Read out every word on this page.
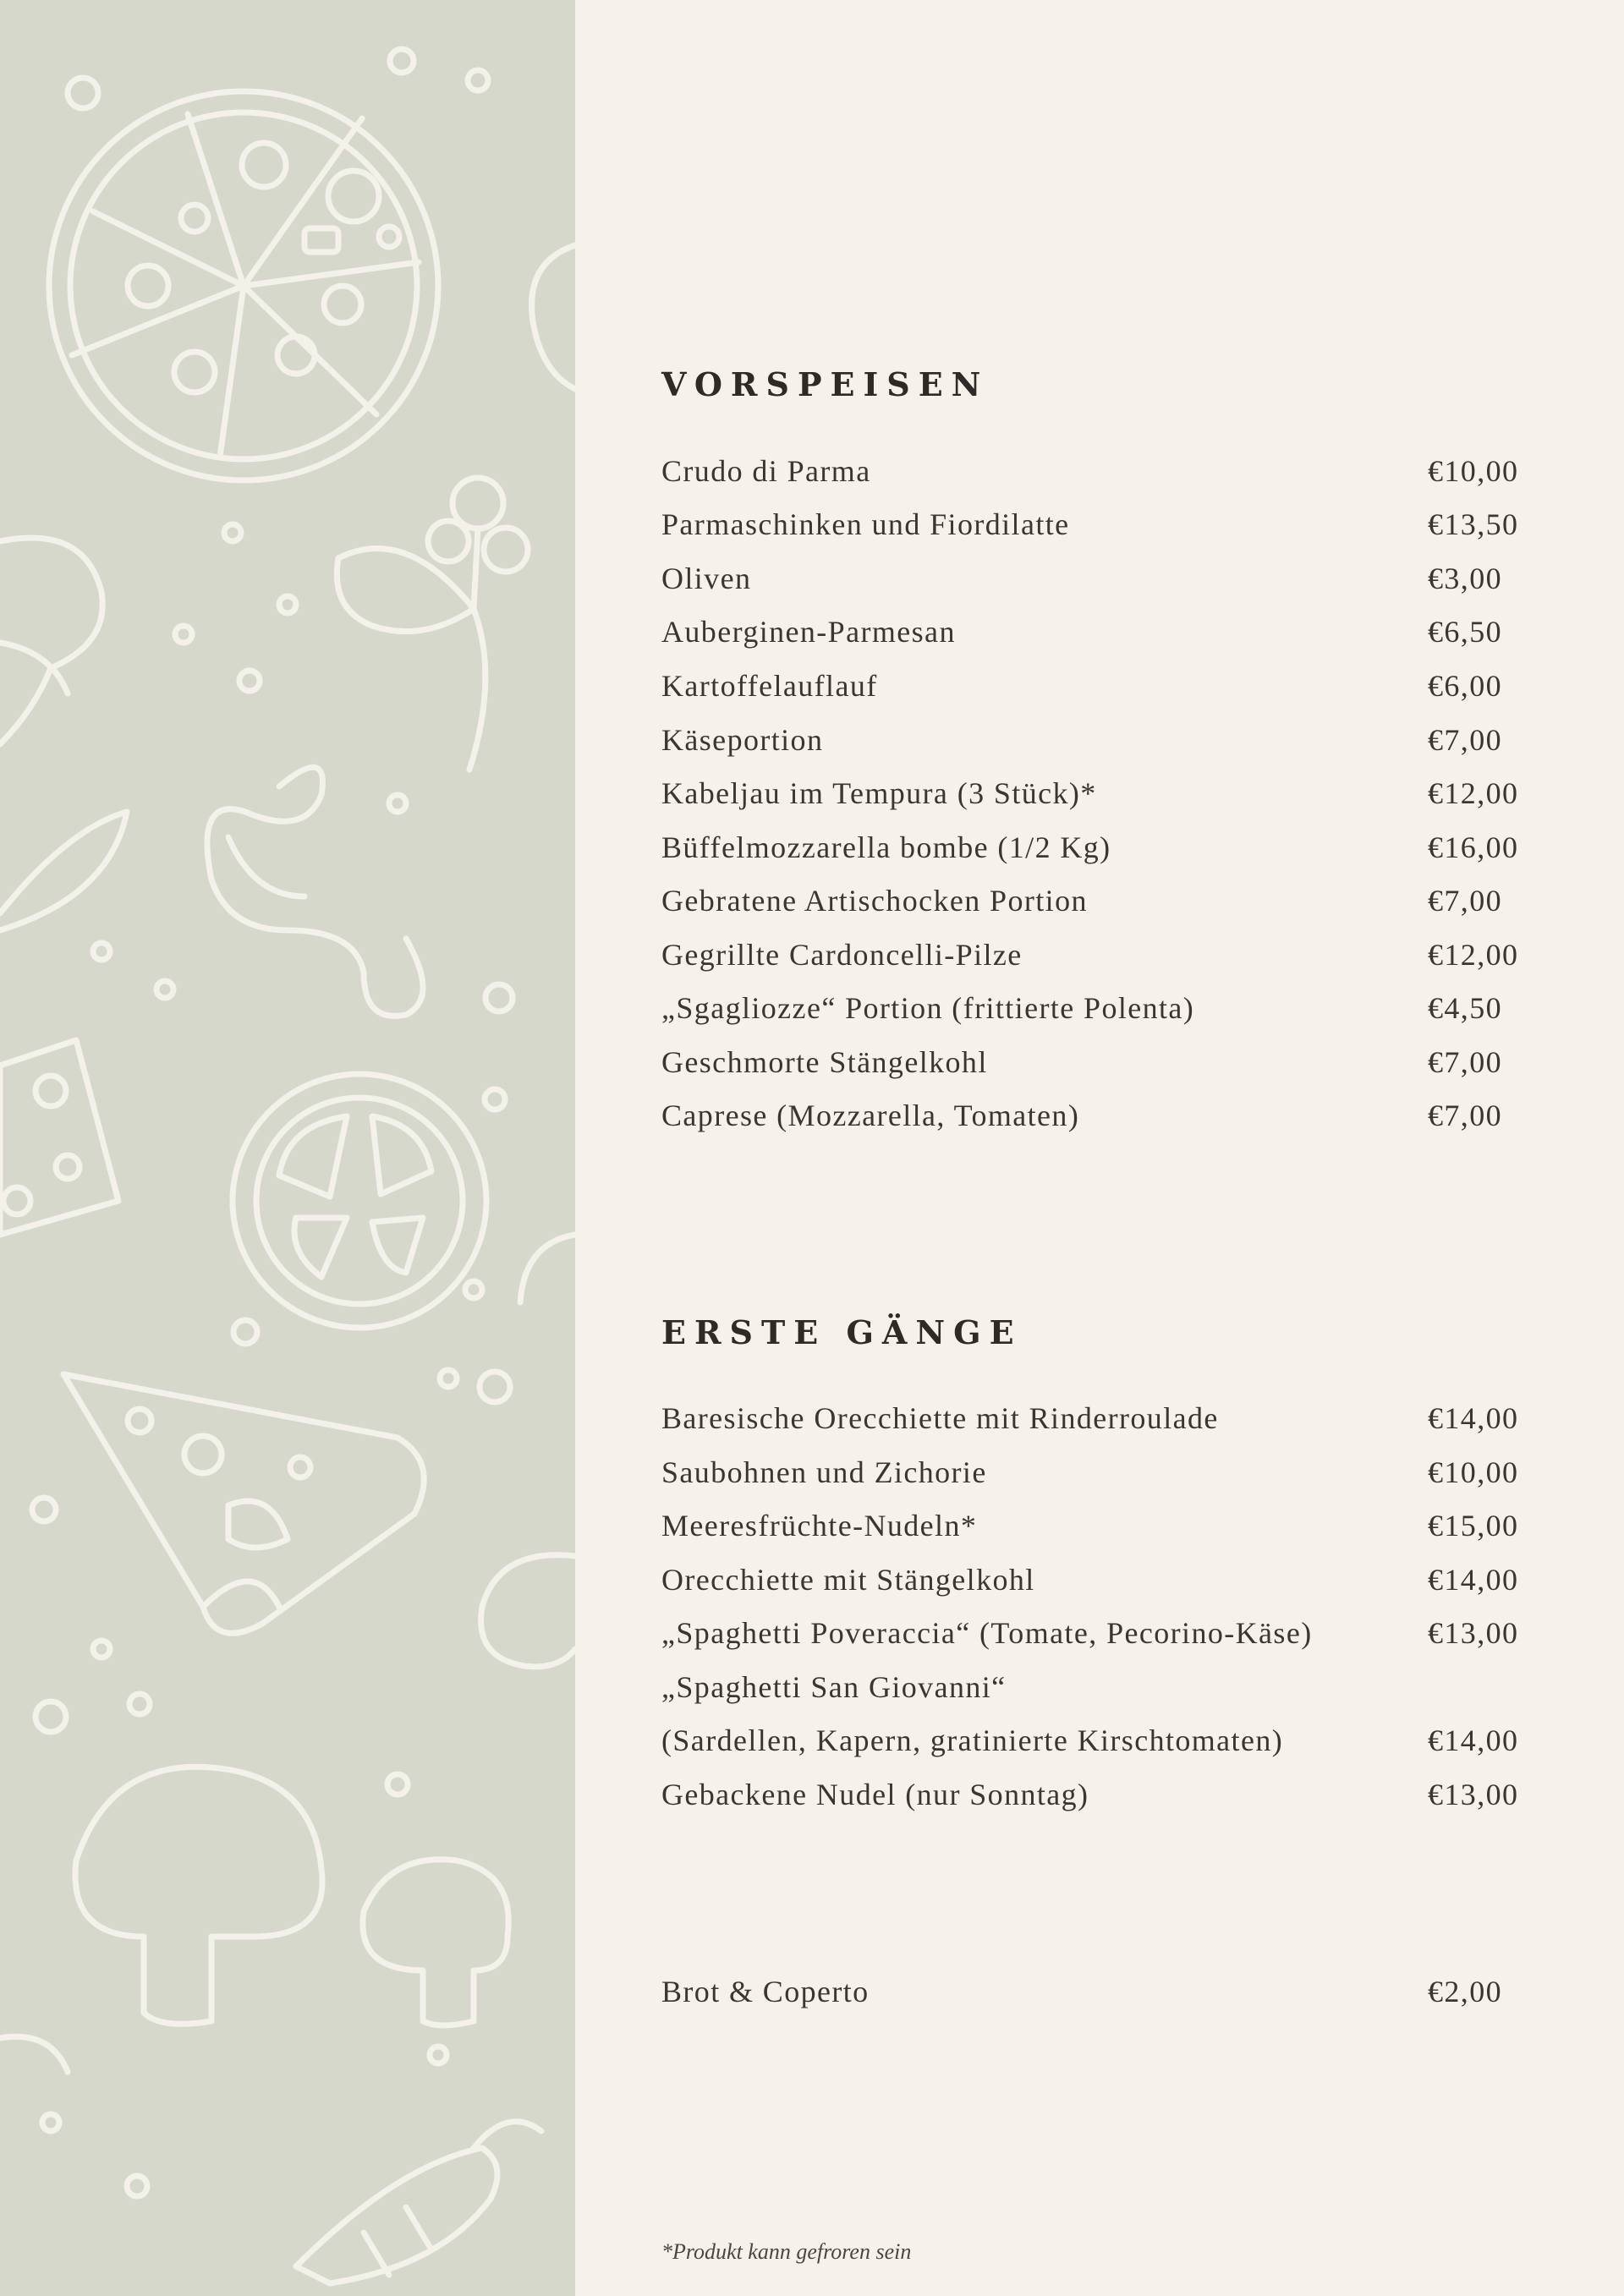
VORSPEISEN
Crudo di Parma	€10,00
Parmaschinken und Fiordilatte	€13,50
Oliven	€3,00
Auberginen-Parmesan	€6,50
Kartoffelauflauf	€6,00
Käseportion	€7,00
Kabeljau im Tempura (3 Stück)*	€12,00
Büffelmozzarella bombe (1/2 Kg)	€16,00
Gebratene Artischocken Portion	€7,00
Gegrillte Cardoncelli-Pilze	€12,00
„Sgagliozze“ Portion (frittierte Polenta)	€4,50
Geschmorte Stängelkohl	€7,00
Caprese (Mozzarella, Tomaten)	€7,00
ERSTE GÄNGE
Baresische Orecchiette mit Rinderroulade	€14,00
Saubohnen und Zichorie	€10,00
Meeresfrüchte-Nudeln*	€15,00
Orecchiette mit Stängelkohl	€14,00
„Spaghetti Poveraccia“ (Tomate, Pecorino-Käse)	€13,00
„Spaghetti San Giovanni“
(Sardellen, Kapern, gratinierte Kirschtomaten)	€14,00
Gebackene Nudel (nur Sonntag)	€13,00
Brot & Coperto	€2,00
*Produkt kann gefroren sein
